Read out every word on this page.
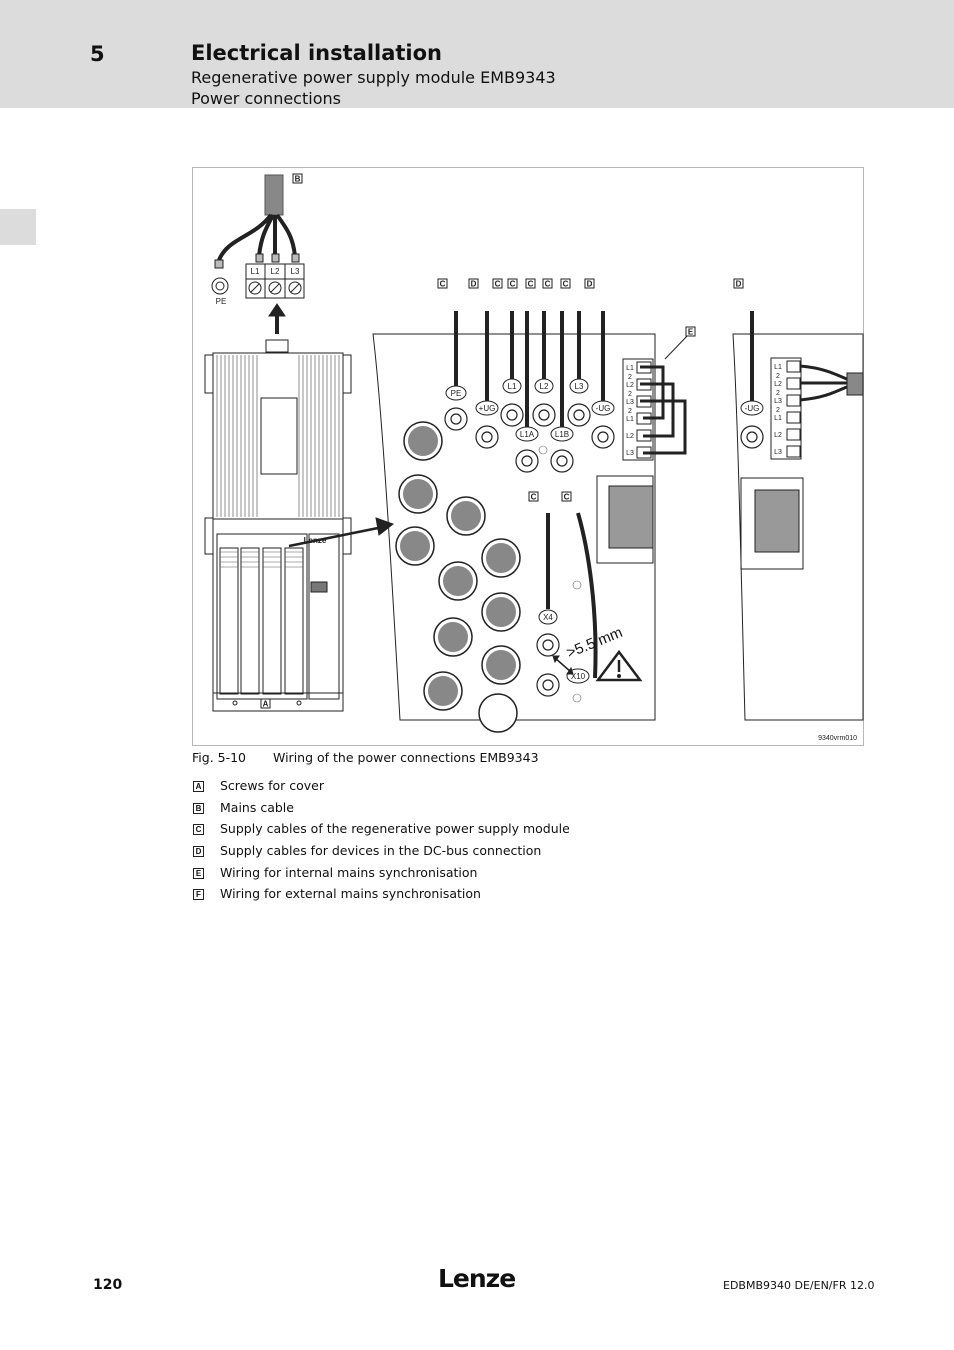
5	Electrical installation
Regenerative power supply module EMB9343
Power connections
L1 L2 L3
PE
PE
+UG
L1	L2	L3
-UG
L1A	L1B
X4
X10
-UG
L1
2
L2
2
L3
2
L1
L2
L3
L1
2
L2
2
L3
2
L1
L2
L3
Lenze
>5.5 mm
C	D C C C C C D	D
E
C	C
B
A
9340vrm010
Fig. 5-10 Wiring of the power connections EMB9343
A Screws for cover
B Mains cable
C Supply cables of the regenerative power supply module
D Supply cables for devices in the DC-bus connection
E Wiring for internal mains synchronisation
F Wiring for external mains synchronisation
120	Lenze	EDBMB9340 DE/EN/FR 12.0
